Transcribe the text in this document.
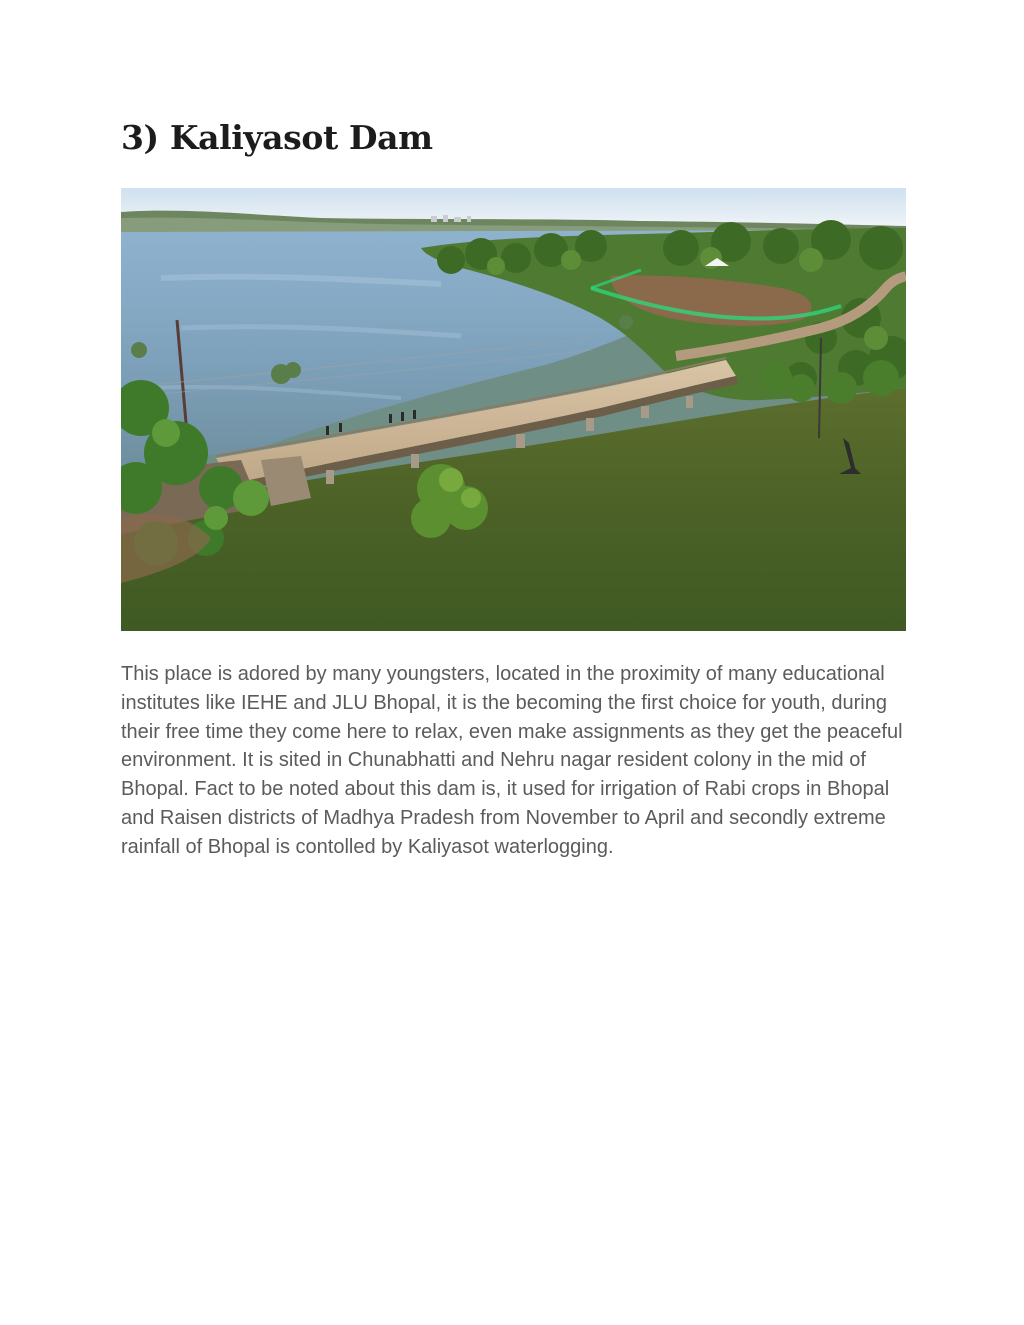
3) Kaliyasot Dam

This place is adored by many youngsters, located in the proximity of many educational institutes like IEHE and JLU Bhopal, it is the becoming the first choice for youth, during their free time they come here to relax, even make assignments as they get the peaceful environment. It is sited in Chunabhatti and Nehru nagar resident colony in the mid of Bhopal. Fact to be noted about this dam is, it used for irrigation of Rabi crops in Bhopal and Raisen districts of Madhya Pradesh from November to April and secondly extreme rainfall of Bhopal is contolled by Kaliyasot waterlogging.
